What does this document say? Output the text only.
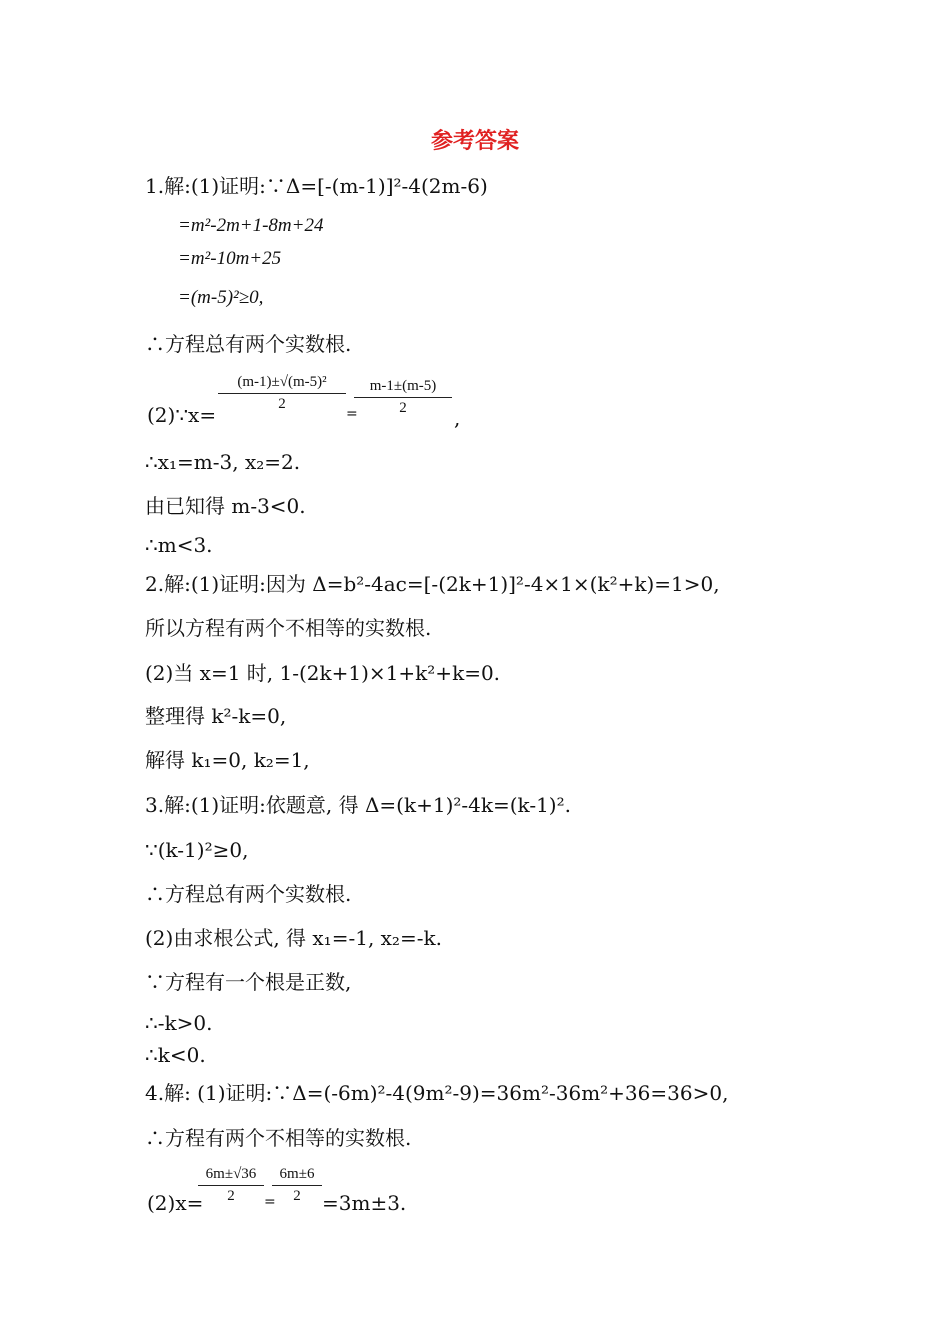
参考答案
1.解:(1)证明:∵Δ=[-(m-1)]²-4(2m-6)
=m²-2m+1-8m+24
=m²-10m+25
=(m-5)²≥0,
∴方程总有两个实数根.
(2)∵x=
(m-1)±√(m-5)²
2
=
m-1±(m-5)
2	,
∴x₁=m-3, x₂=2.
由已知得 m-3<0.
∴m<3.
2.解:(1)证明:因为 Δ=b²-4ac=[-(2k+1)]²-4×1×(k²+k)=1>0,
所以方程有两个不相等的实数根.
(2)当 x=1 时, 1-(2k+1)×1+k²+k=0.
整理得 k²-k=0,
解得 k₁=0, k₂=1,
3.解:(1)证明:依题意, 得 Δ=(k+1)²-4k=(k-1)².
∵(k-1)²≥0,
∴方程总有两个实数根.
(2)由求根公式, 得 x₁=-1, x₂=-k.
∵方程有一个根是正数,
∴-k>0.
∴k<0.
4.解: (1)证明:∵Δ=(-6m)²-4(9m²-9)=36m²-36m²+36=36>0,
∴方程有两个不相等的实数根.
(2)x=
6m±√36
2	=
6m±6
2	=3m±3.
